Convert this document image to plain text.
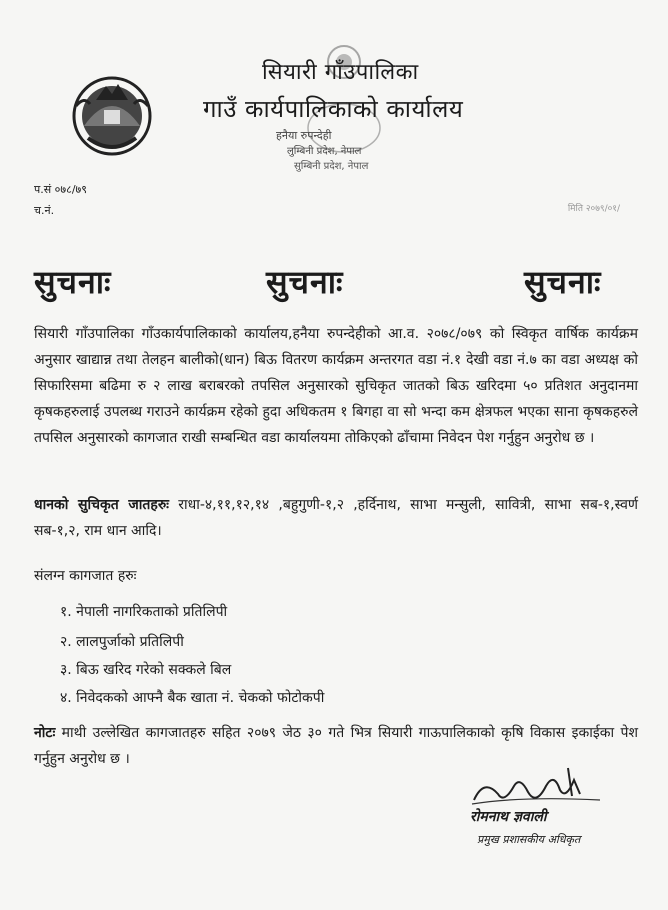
सियारी गाँउपालिका
गाउँ कार्यपालिकाको कार्यालय
हनैया रुपन्देही
लुम्बिनी प्रदेश, नेपाल
सुम्बिनी प्रदेश, नेपाल
प.सं ०७८/७९
च.नं.	मिति २०७९/०१/
सुचनाः	सुचनाः	सुचनाः
सियारी गाँउपालिका गाँउकार्यपालिकाको कार्यालय,हनैया रुपन्देहीको आ.व. २०७८/०७९ को स्विकृत वार्षिक कार्यक्रम अनुसार खाद्यान्न तथा तेलहन बालीको(धान) बिऊ वितरण कार्यक्रम अन्तरगत वडा नं.१ देखी वडा नं.७ का वडा अध्यक्ष को सिफारिसमा बढिमा रु २ लाख बराबरको तपसिल अनुसारको सुचिकृत जातको बिऊ खरिदमा ५० प्रतिशत अनुदानमा कृषकहरुलाई उपलब्ध गराउने कार्यक्रम रहेको हुदा अधिकतम १ बिगहा वा सो भन्दा कम क्षेत्रफल भएका साना कृषकहरुले तपसिल अनुसारको कागजात राखी सम्बन्धित वडा कार्यालयमा तोकिएको ढाँचामा निवेदन पेश गर्नुहुन अनुरोध छ ।
धानको सुचिकृत जातहरुः राधा-४,११,१२,१४ ,बहुगुणी-१,२ ,हर्दिनाथ, साभा मन्सुली, सावित्री, साभा सब-१,स्वर्ण सब-१,२, राम धान आदि।
संलग्न कागजात हरुः
१. नेपाली नागरिकताको प्रतिलिपी
२. लालपुर्जाको प्रतिलिपी
३. बिऊ खरिद गरेको सक्कले बिल
४. निवेदकको आफ्नै बैक खाता नं. चेकको फोटोकपी
नोटः माथी उल्लेखित कागजातहरु सहित २०७९ जेठ ३० गते भित्र सियारी गाऊपालिकाको कृषि विकास इकाईका पेश गर्नुहुन अनुरोध छ ।
रोमनाथ ज्ञवाली
प्रमुख प्रशासकीय अधिकृत
